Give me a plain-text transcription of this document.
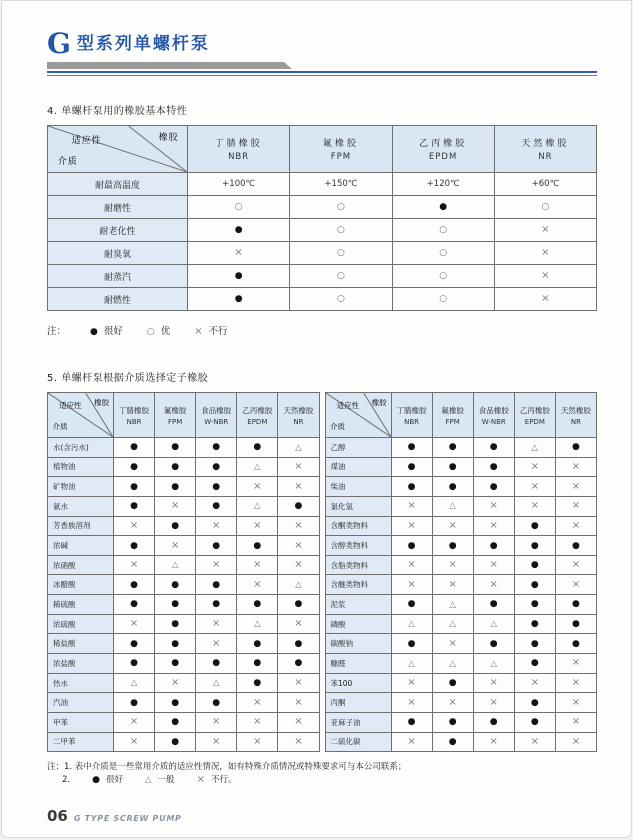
G型系列单螺杆泵
4. 单螺杆泵用的橡胶基本特性
适应性	橡胶
介质

丁腈橡胶
NBR

氟橡胶
FPM

乙丙橡胶
EPDM

天然橡胶
NR

耐最高温度	+100℃	+150℃	+120℃	+60℃
耐磨性	○	○	●	○
耐老化性	●	○	○	×
耐臭氧	×	○	○	×
耐蒸汽	●	○	○	×
耐燃性	●	○	○	×
注：	● 很好	○ 优 × 不行
5. 单螺杆泵根据介质选择定子橡胶
适应性 橡胶
介质

丁腈橡胶
NBR

氟橡胶
FPM

食品橡胶
W-NBR

乙丙橡胶
EPDM

天然橡胶
NR

水(含污水)	●	●	●	●	△
植物油	●	●	●	△	×
矿物油	●	●	●	×	×
氨水	●	×	●	△	●
芳香族溶剂	×	●	×	×	×
浓碱	●	×	●	●	×
浓硝酸	×	△	×	×	×
冰醋酸	●	●	●	×	△
稀硫酸	●	●	●	●	●
浓硫酸	×	●	×	△	×
稀盐酸	●	●	×	●	●
浓盐酸	●	●	●	●	●
热水	△	×	△	●	×
汽油	●	●	●	×	×
甲苯	×	●	×	×	×
二甲苯	×	●	×	×	×
适应性 橡胶
介质

丁腈橡胶
NBR

氟橡胶
FPM

食品橡胶
W-NBR

乙丙橡胶
EPDM

天然橡胶
NR

乙醇	●	●	●	△	●
煤油	●	●	●	×	×
柴油	●	●	●	×	×
氯化氢	×	△	×	×	×
含酮类物料	×	×	×	●	×
含醇类物料	●	●	●	●	●
含脂类物料	×	×	×	●	×
含醚类物料	×	×	×	●	×
泥浆	●	△	●	●	●
磷酸	△	△	△	●	●
碳酸钠	●	×	●	●	●
糠醛	△	△	△	●	×
苯100	×	●	×	×	×
丙酮	×	×	×	●	×
亚麻子油	●	●	●	●	×
二硫化碳	×	●	×	×	×
注：1. 表中介质是一些常用介质的适应性情况，如有特殊介质情况或特殊要求可与本公司联系；
2. ● 很好	△ 一般 × 不行。
06 G TYPE SCREW PUMP
